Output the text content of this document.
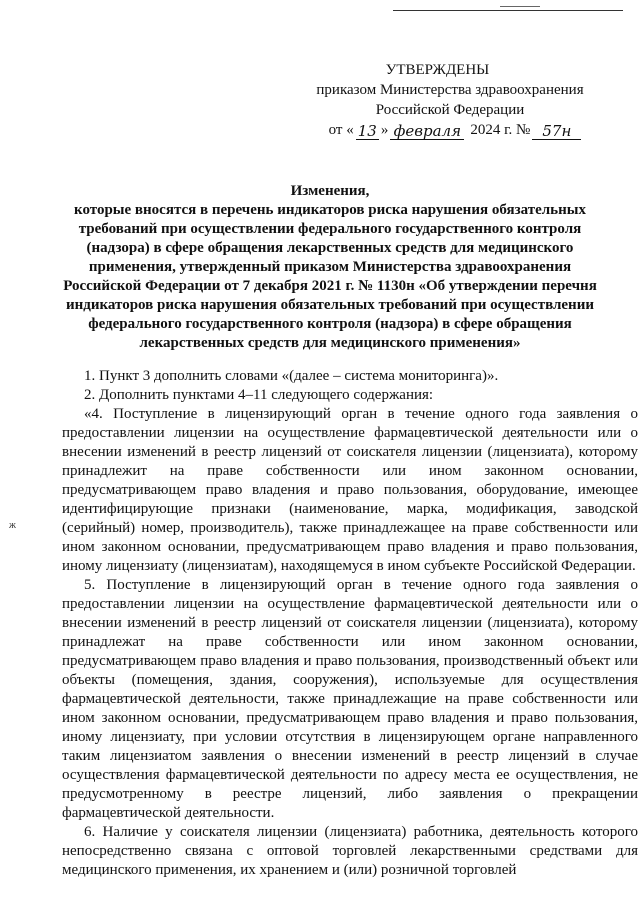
ж
УТВЕРЖДЕНЫ
приказом Министерства здравоохранения
Российской Федерации
от « 13 » февраля 2024 г. № 57н
Изменения,
которые вносятся в перечень индикаторов риска нарушения обязательных требований при осуществлении федерального государственного контроля (надзора) в сфере обращения лекарственных средств для медицинского применения, утвержденный приказом Министерства здравоохранения Российской Федерации от 7 декабря 2021 г. № 1130н «Об утверждении перечня индикаторов риска нарушения обязательных требований при осуществлении федерального государственного контроля (надзора) в сфере обращения лекарственных средств для медицинского применения»

1. Пункт 3 дополнить словами «(далее – система мониторинга)».

2. Дополнить пунктами 4–11 следующего содержания:

«4. Поступление в лицензирующий орган в течение одного года заявления о предоставлении лицензии на осуществление фармацевтической деятельности или о внесении изменений в реестр лицензий от соискателя лицензии (лицензиата), которому принадлежит на праве собственности или ином законном основании, предусматривающем право владения и право пользования, оборудование, имеющее идентифицирующие признаки (наименование, марка, модификация, заводской (серийный) номер, производитель), также принадлежащее на праве собственности или ином законном основании, предусматривающем право владения и право пользования, иному лицензиату (лицензиатам), находящемуся в ином субъекте Российской Федерации.

5. Поступление в лицензирующий орган в течение одного года заявления о предоставлении лицензии на осуществление фармацевтической деятельности или о внесении изменений в реестр лицензий от соискателя лицензии (лицензиата), которому принадлежат на праве собственности или ином законном основании, предусматривающем право владения и право пользования, производственный объект или объекты (помещения, здания, сооружения), используемые для осуществления фармацевтической деятельности, также принадлежащие на праве собственности или ином законном основании, предусматривающем право владения и право пользования, иному лицензиату, при условии отсутствия в лицензирующем органе направленного таким лицензиатом заявления о внесении изменений в реестр лицензий в случае осуществления фармацевтической деятельности по адресу места ее осуществления, не предусмотренному в реестре лицензий, либо заявления о прекращении фармацевтической деятельности.

6. Наличие у соискателя лицензии (лицензиата) работника, деятельность которого непосредственно связана с оптовой торговлей лекарственными средствами для медицинского применения, их хранением и (или) розничной торговлей
